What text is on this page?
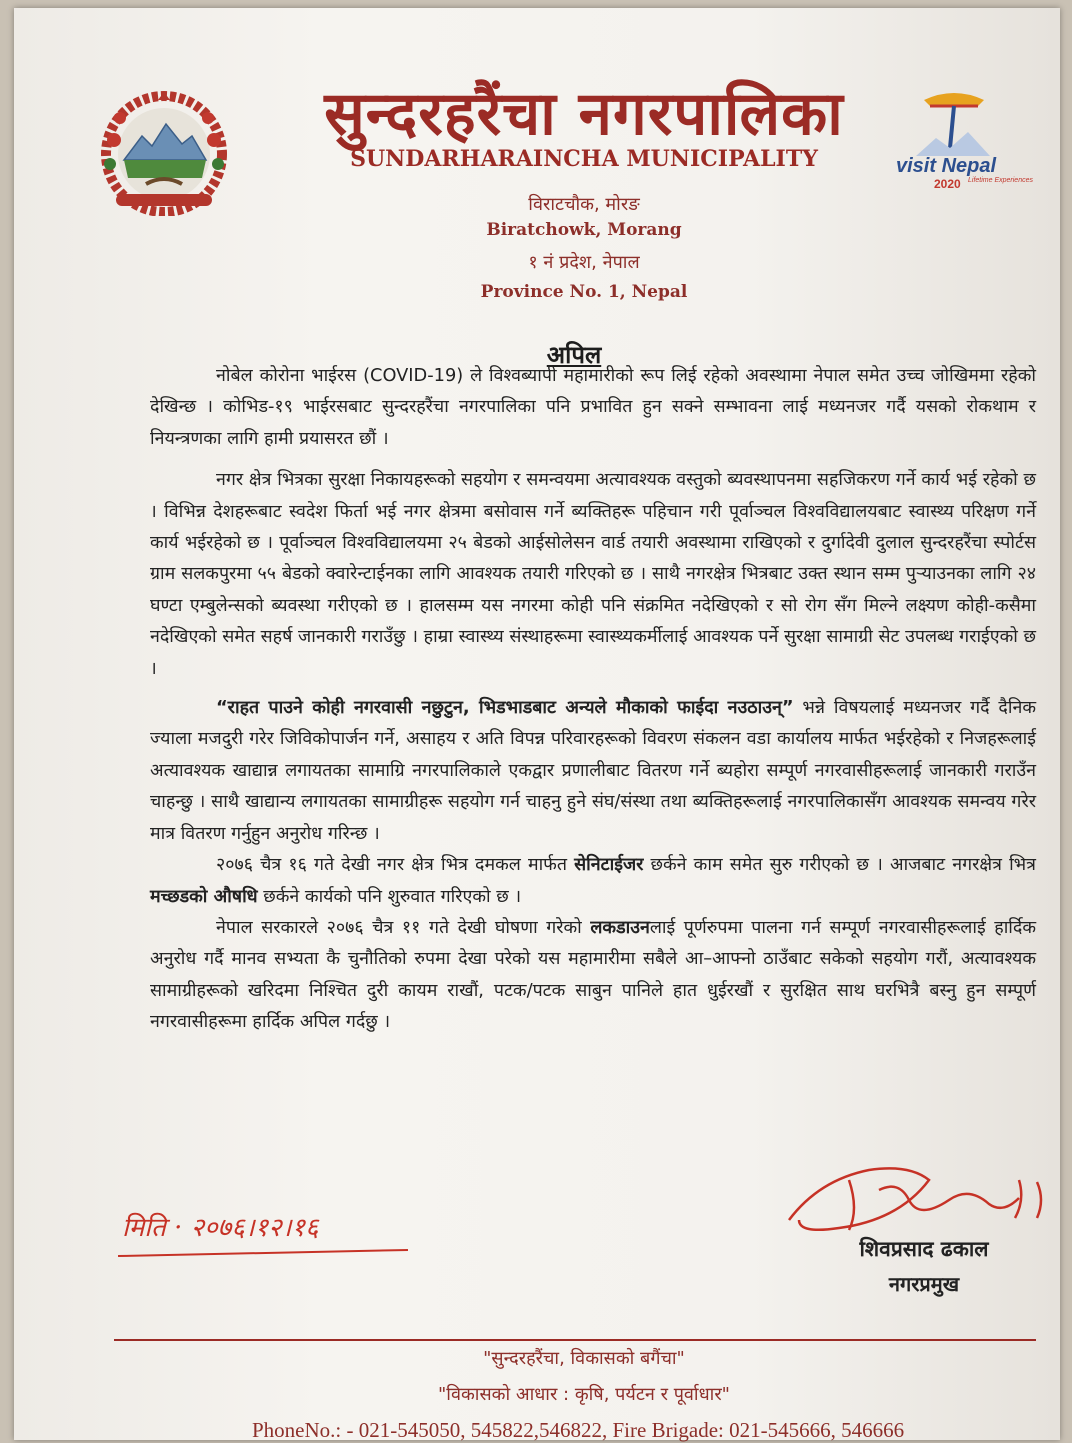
सुन्दरहरैंचा नगरपालिका
SUNDARHARAINCHA MUNICIPALITY
विराटचौक, मोरङ
Biratchowk, Morang
१ नं प्रदेश, नेपाल
Province No. 1, Nepal
visit Nepal
2020 Lifetime Experiences
अपिल

नोबेल कोरोना भाईरस (COVID-19) ले विश्वब्यापी महामारीको रूप लिई रहेको अवस्थामा नेपाल समेत उच्च जोखिममा रहेको देखिन्छ । कोभिड-१९ भाईरसबाट सुन्दरहरैंचा नगरपालिका पनि प्रभावित हुन सक्ने सम्भावना लाई मध्यनजर गर्दै यसको रोकथाम र नियन्त्रणका लागि हामी प्रयासरत छौं ।

नगर क्षेत्र भित्रका सुरक्षा निकायहरूको सहयोग र समन्वयमा अत्यावश्यक वस्तुको ब्यवस्थापनमा सहजिकरण गर्ने कार्य भई रहेको छ । विभिन्न देशहरूबाट स्वदेश फिर्ता भई नगर क्षेत्रमा बसोवास गर्ने ब्यक्तिहरू पहिचान गरी पूर्वाञ्चल विश्वविद्यालयबाट स्वास्थ्य परिक्षण गर्ने कार्य भईरहेको छ । पूर्वाञ्चल विश्वविद्यालयमा २५ बेडको आईसोलेसन वार्ड तयारी अवस्थामा राखिएको र दुर्गादेवी दुलाल सुन्दरहरैंचा स्पोर्टस ग्राम सलकपुरमा ५५ बेडको क्वारेन्टाईनका लागि आवश्यक तयारी गरिएको छ । साथै नगरक्षेत्र भित्रबाट उक्त स्थान सम्म पुऱ्याउनका लागि २४ घण्टा एम्बुलेन्सको ब्यवस्था गरीएको छ । हालसम्म यस नगरमा कोही पनि संक्रमित नदेखिएको र सो रोग सँग मिल्ने लक्ष्यण कोही-कसैमा नदेखिएको समेत सहर्ष जानकारी गराउँछु । हाम्रा स्वास्थ्य संस्थाहरूमा स्वास्थ्यकर्मीलाई आवश्यक पर्ने सुरक्षा सामाग्री सेट उपलब्ध गराईएको छ ।

“राहत पाउने कोही नगरवासी नछुटुन, भिडभाडबाट अन्यले मौकाको फाईदा नउठाउन्” भन्ने विषयलाई मध्यनजर गर्दै दैनिक ज्याला मजदुरी गरेर जिविकोपार्जन गर्ने, असाहय र अति विपन्न परिवारहरूको विवरण संकलन वडा कार्यालय मार्फत भईरहेको र निजहरूलाई अत्यावश्यक खाद्यान्न लगायतका सामाग्रि नगरपालिकाले एकद्वार प्रणालीबाट वितरण गर्ने ब्यहोरा सम्पूर्ण नगरवासीहरूलाई जानकारी गराउँन चाहन्छु । साथै खाद्यान्य लगायतका सामाग्रीहरू सहयोग गर्न चाहनु हुने संघ/संस्था तथा ब्यक्तिहरूलाई नगरपालिकासँग आवश्यक समन्वय गरेर मात्र वितरण गर्नुहुन अनुरोध गरिन्छ ।

२०७६ चैत्र १६ गते देखी नगर क्षेत्र भित्र दमकल मार्फत सेनिटाईजर छर्कने काम समेत सुरु गरीएको छ । आजबाट नगरक्षेत्र भित्र मच्छडको औषधि छर्कने कार्यको पनि शुरुवात गरिएको छ ।

नेपाल सरकारले २०७६ चैत्र ११ गते देखी घोषणा गरेको लकडाउनलाई पूर्णरुपमा पालना गर्न सम्पूर्ण नगरवासीहरूलाई हार्दिक अनुरोध गर्दै मानव सभ्यता कै चुनौतिको रुपमा देखा परेको यस महामारीमा सबैले आ–आफ्नो ठाउँबाट सकेको सहयोग गरौं, अत्यावश्यक सामाग्रीहरूको खरिदमा निश्चित दुरी कायम राखौं, पटक/पटक साबुन पानिले हात धुईरखौं र सुरक्षित साथ घरभित्रै बस्नु हुन सम्पूर्ण नगरवासीहरूमा हार्दिक अपिल गर्दछु ।

मिति · २०७६।१२।१६
शिवप्रसाद ढकाल
नगरप्रमुख
"सुन्दरहरैंचा, विकासको बगैंचा"
"विकासको आधार : कृषि, पर्यटन र पूर्वाधार"
PhoneNo.: - 021-545050, 545822,546822, Fire Brigade: 021-545666, 546666
